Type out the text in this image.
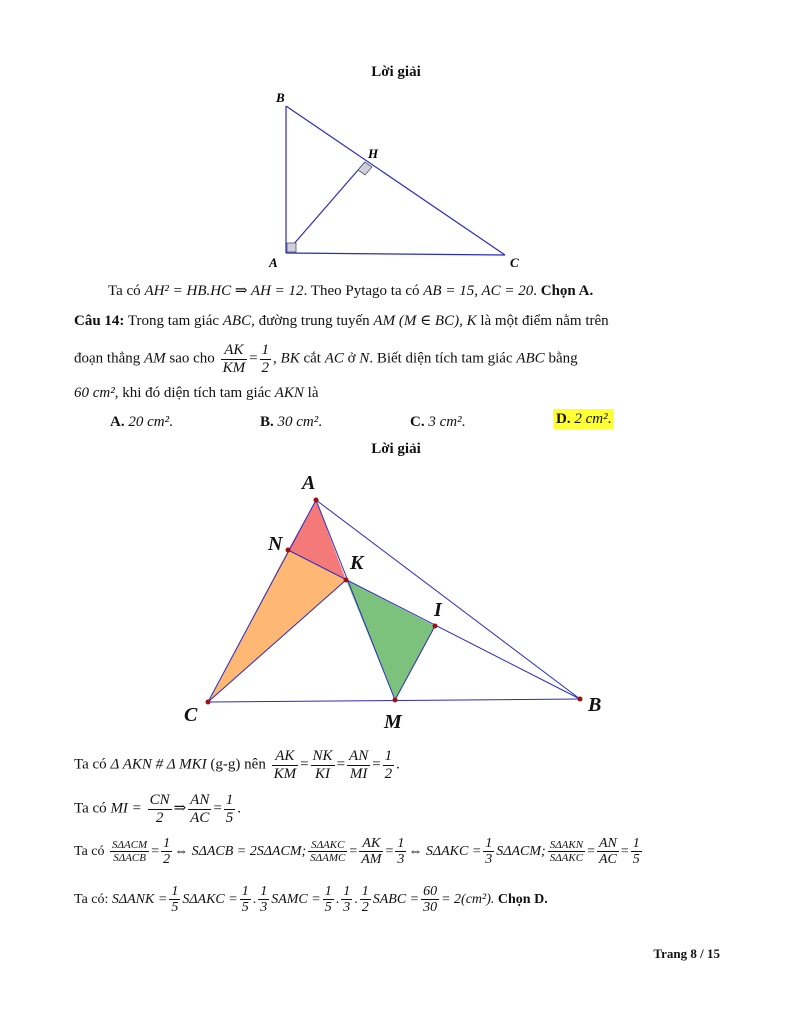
Lời giải
B
H
A	C
Ta có AH² = HB.HC ⇒ AH = 12. Theo Pytago ta có AB = 15, AC = 20. Chọn A.
Câu 14: Trong tam giác ABC, đường trung tuyến AM (M ∈ BC), K là một điểm nằm trên
đoạn thẳng AM sao cho $\frac{AK}{KM} = \frac{1}{2}$ , BK cắt AC ở N. Biết diện tích tam giác ABC bằng
60 cm², khi đó diện tích tam giác AKN là
A. 20 cm².	B. 30 cm².	C. 3 cm².	D. 2 cm².
Lời giải
A
N
K
I
C	M
B
Ta có Δ AKN # Δ MKI (g-g) nên $\frac{AK}{KM} = \frac{NK}{KI} = \frac{AN}{MI} = \frac{1}{2}$ .
Ta có MI = $\frac{CN}{2}$ ⇒ $\frac{AN}{AC} = \frac{1}{5}$ .
Ta có $\frac{\text{SΔACM}}{\text{SΔACB}} = \frac{1}{2}$ ⇔ SΔACB = 2SΔACM; $\frac{\text{SΔAKC}}{\text{SΔAMC}} = \frac{AK}{AM} = \frac{1}{3}$ ⇔ $S\Delta AKC = \frac{1}{3} S\Delta ACM$; $\frac{\text{SΔAKN}}{\text{SΔAKC}} = \frac{AN}{AC} = \frac{1}{5}$
Ta có: $S\Delta ANK = \frac{1}{5}$ $S\Delta AKC = \frac{1}{5}$ . $\frac{1}{3}$ SAMC = $\frac{1}{5}$ . $\frac{1}{3}$ . $\frac{1}{2}$ SABC = $\frac{60}{30} = 2(cm^2)$. Chọn D.
Trang 8 / 15
